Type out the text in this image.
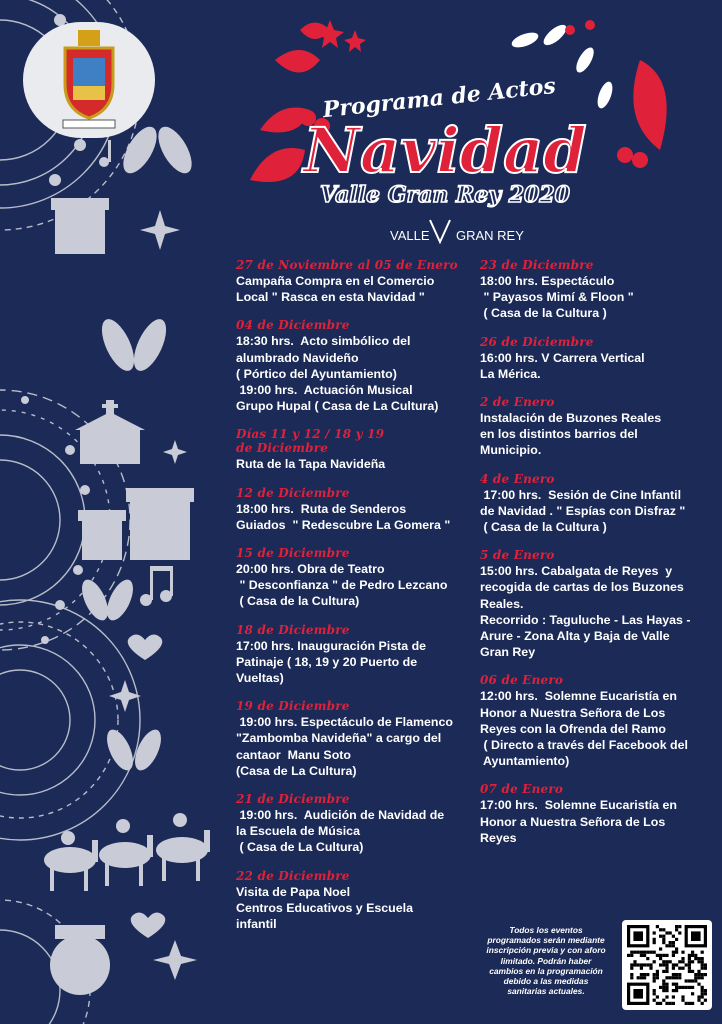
Programa de Actos
Navidad
Valle Gran Rey 2020
VALLE GRAN REY
27 de Noviembre al 05 de Enero
Campaña Compra en el Comercio
Local " Rasca en esta Navidad "
04 de Diciembre
18:30 hrs.  Acto simbólico del
alumbrado Navideño
( Pórtico del Ayuntamiento)
19:00 hrs.  Actuación Musical
Grupo Hupal ( Casa de La Cultura)
Días 11 y 12 / 18 y 19
de Diciembre
Ruta de la Tapa Navideña
12 de Diciembre
18:00 hrs.  Ruta de Senderos
Guiados  " Redescubre La Gomera "
15 de Diciembre
20:00 hrs. Obra de Teatro
" Desconfianza " de Pedro Lezcano
( Casa de la Cultura)
18 de Diciembre
17:00 hrs. Inauguración Pista de
Patinaje ( 18, 19 y 20 Puerto de
Vueltas)
19 de Diciembre
19:00 hrs. Espectáculo de Flamenco
"Zambomba Navideña" a cargo del
cantaor  Manu Soto
(Casa de La Cultura)
21 de Diciembre
19:00 hrs.  Audición de Navidad de
la Escuela de Música
( Casa de La Cultura)
22 de Diciembre
Visita de Papa Noel
Centros Educativos y Escuela
infantil
23 de Diciembre
18:00 hrs. Espectáculo
" Payasos Mimí & Floon "
( Casa de la Cultura )
26 de Diciembre
16:00 hrs. V Carrera Vertical
La Mérica.
2 de Enero
Instalación de Buzones Reales
en los distintos barrios del
Municipio.
4 de Enero
17:00 hrs.  Sesión de Cine Infantil
de Navidad . " Espías con Disfraz "
( Casa de la Cultura )
5 de Enero
15:00 hrs. Cabalgata de Reyes  y
recogida de cartas de los Buzones
Reales.
Recorrido : Taguluche - Las Hayas -
Arure - Zona Alta y Baja de Valle
Gran Rey
06 de Enero
12:00 hrs.  Solemne Eucaristía en
Honor a Nuestra Señora de Los
Reyes con la Ofrenda del Ramo
( Directo a través del Facebook del
Ayuntamiento)
07 de Enero
17:00 hrs.  Solemne Eucaristía en
Honor a Nuestra Señora de Los
Reyes
Todos los eventos
programados serán mediante
inscripción previa y con aforo
limitado. Podrán haber
cambios en la programación
debido a las medidas
sanitarias actuales.
